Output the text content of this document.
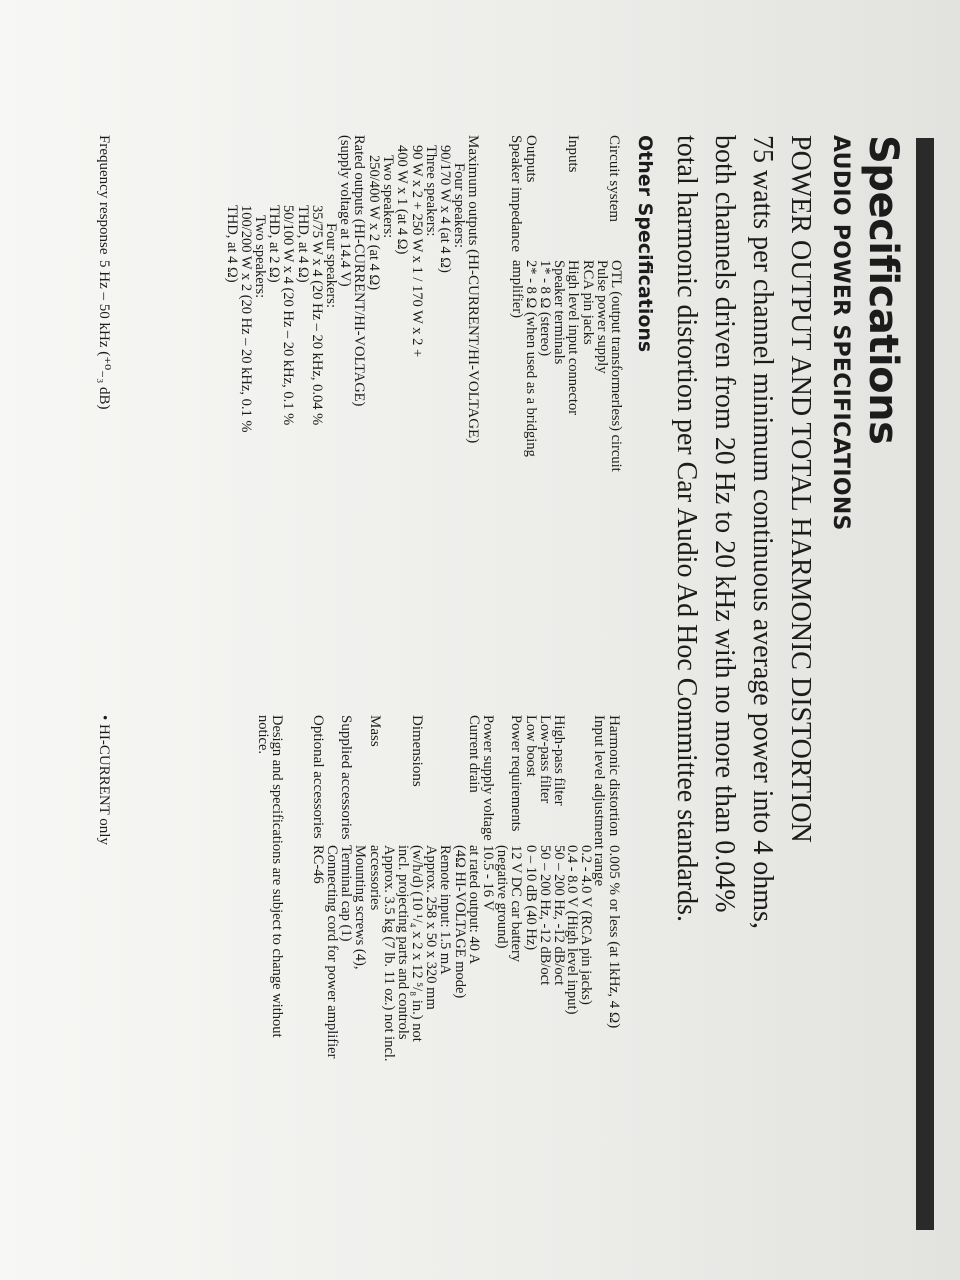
Specifications
AUDIO POWER SPECIFICATIONS
POWER OUTPUT AND TOTAL HARMONIC DISTORTION
75 watts per channel minimum continuous average power into 4 ohms,
both channels driven from 20 Hz to 20 kHz with no more than 0.04%
total harmonic distortion per Car Audio Ad Hoc Committee standards.
Other Specifications
Circuit system
OTL (output transformerless) circuit
Pulse power supply
RCA pin jacks
High level input connector
Speaker terminals
1* - 8 Ω (stereo)
2* - 8 Ω (when used as a bridging
amplifier)
Inputs
Outputs
Speaker impedance
Maximum outputs (HI-CURRENT/HI-VOLTAGE)
Four speakers:
90/170 W x 4 (at 4 Ω)
Three speakers:
90 W x 2 + 250 W x 1 / 170 W x 2 +
400 W x 1 (at 4 Ω)
Two speakers:
250/400 W x 2 (at 4 Ω)
Rated outputs (HI-CURRENT/HI-VOLTAGE)
(supply voltage at 14.4 V)
Four speakers:
35/75 W x 4 (20 Hz – 20 kHz, 0.04 %
THD, at 4 Ω)
50/100 W x 4 (20 Hz – 20 kHz, 0.1 %
THD, at 2 Ω)
Two speakers:
100/200 W x 2 (20 Hz – 20 kHz, 0.1 %
THD, at 4 Ω)
Frequency response
5 Hz – 50 kHz (⁺⁰₋₃ dB)
Harmonic distortion
0.005 % or less (at 1kHz, 4 Ω)
Input level adjustment range
0.2 - 4.0 V (RCA pin jacks)
0.4 - 8.0 V (High level input)
High-pass filter
Low-pass filter
Low boost
Power requirements
50 – 200 Hz, -12 dB/oct
50 – 200 Hz, -12 dB/oct
0 – 10 dB (40 Hz)
12 V DC car battery
(negative ground)
10.5 - 16 V
at rated output: 40 A
(4Ω HI-VOLTAGE mode)
Remote input: 1.5 mA
Approx. 258 x 50 x 320 mm
(w/h/d) (10 ¹/₄ x 2 x 12 ⁵/₈ in.) not
incl. projecting parts and controls
Approx. 3.5 kg (7 lb. 11 oz.) not incl.
accessories
Mounting screws (4),
Terminal cap (1)
Connecting cord for power amplifier
RC-46
Power supply voltage
Current drain
Dimensions
Mass
Supplied accessories
Optional accessories
Design and specifications are subject to change without
notice.
• HI-CURRENT only
